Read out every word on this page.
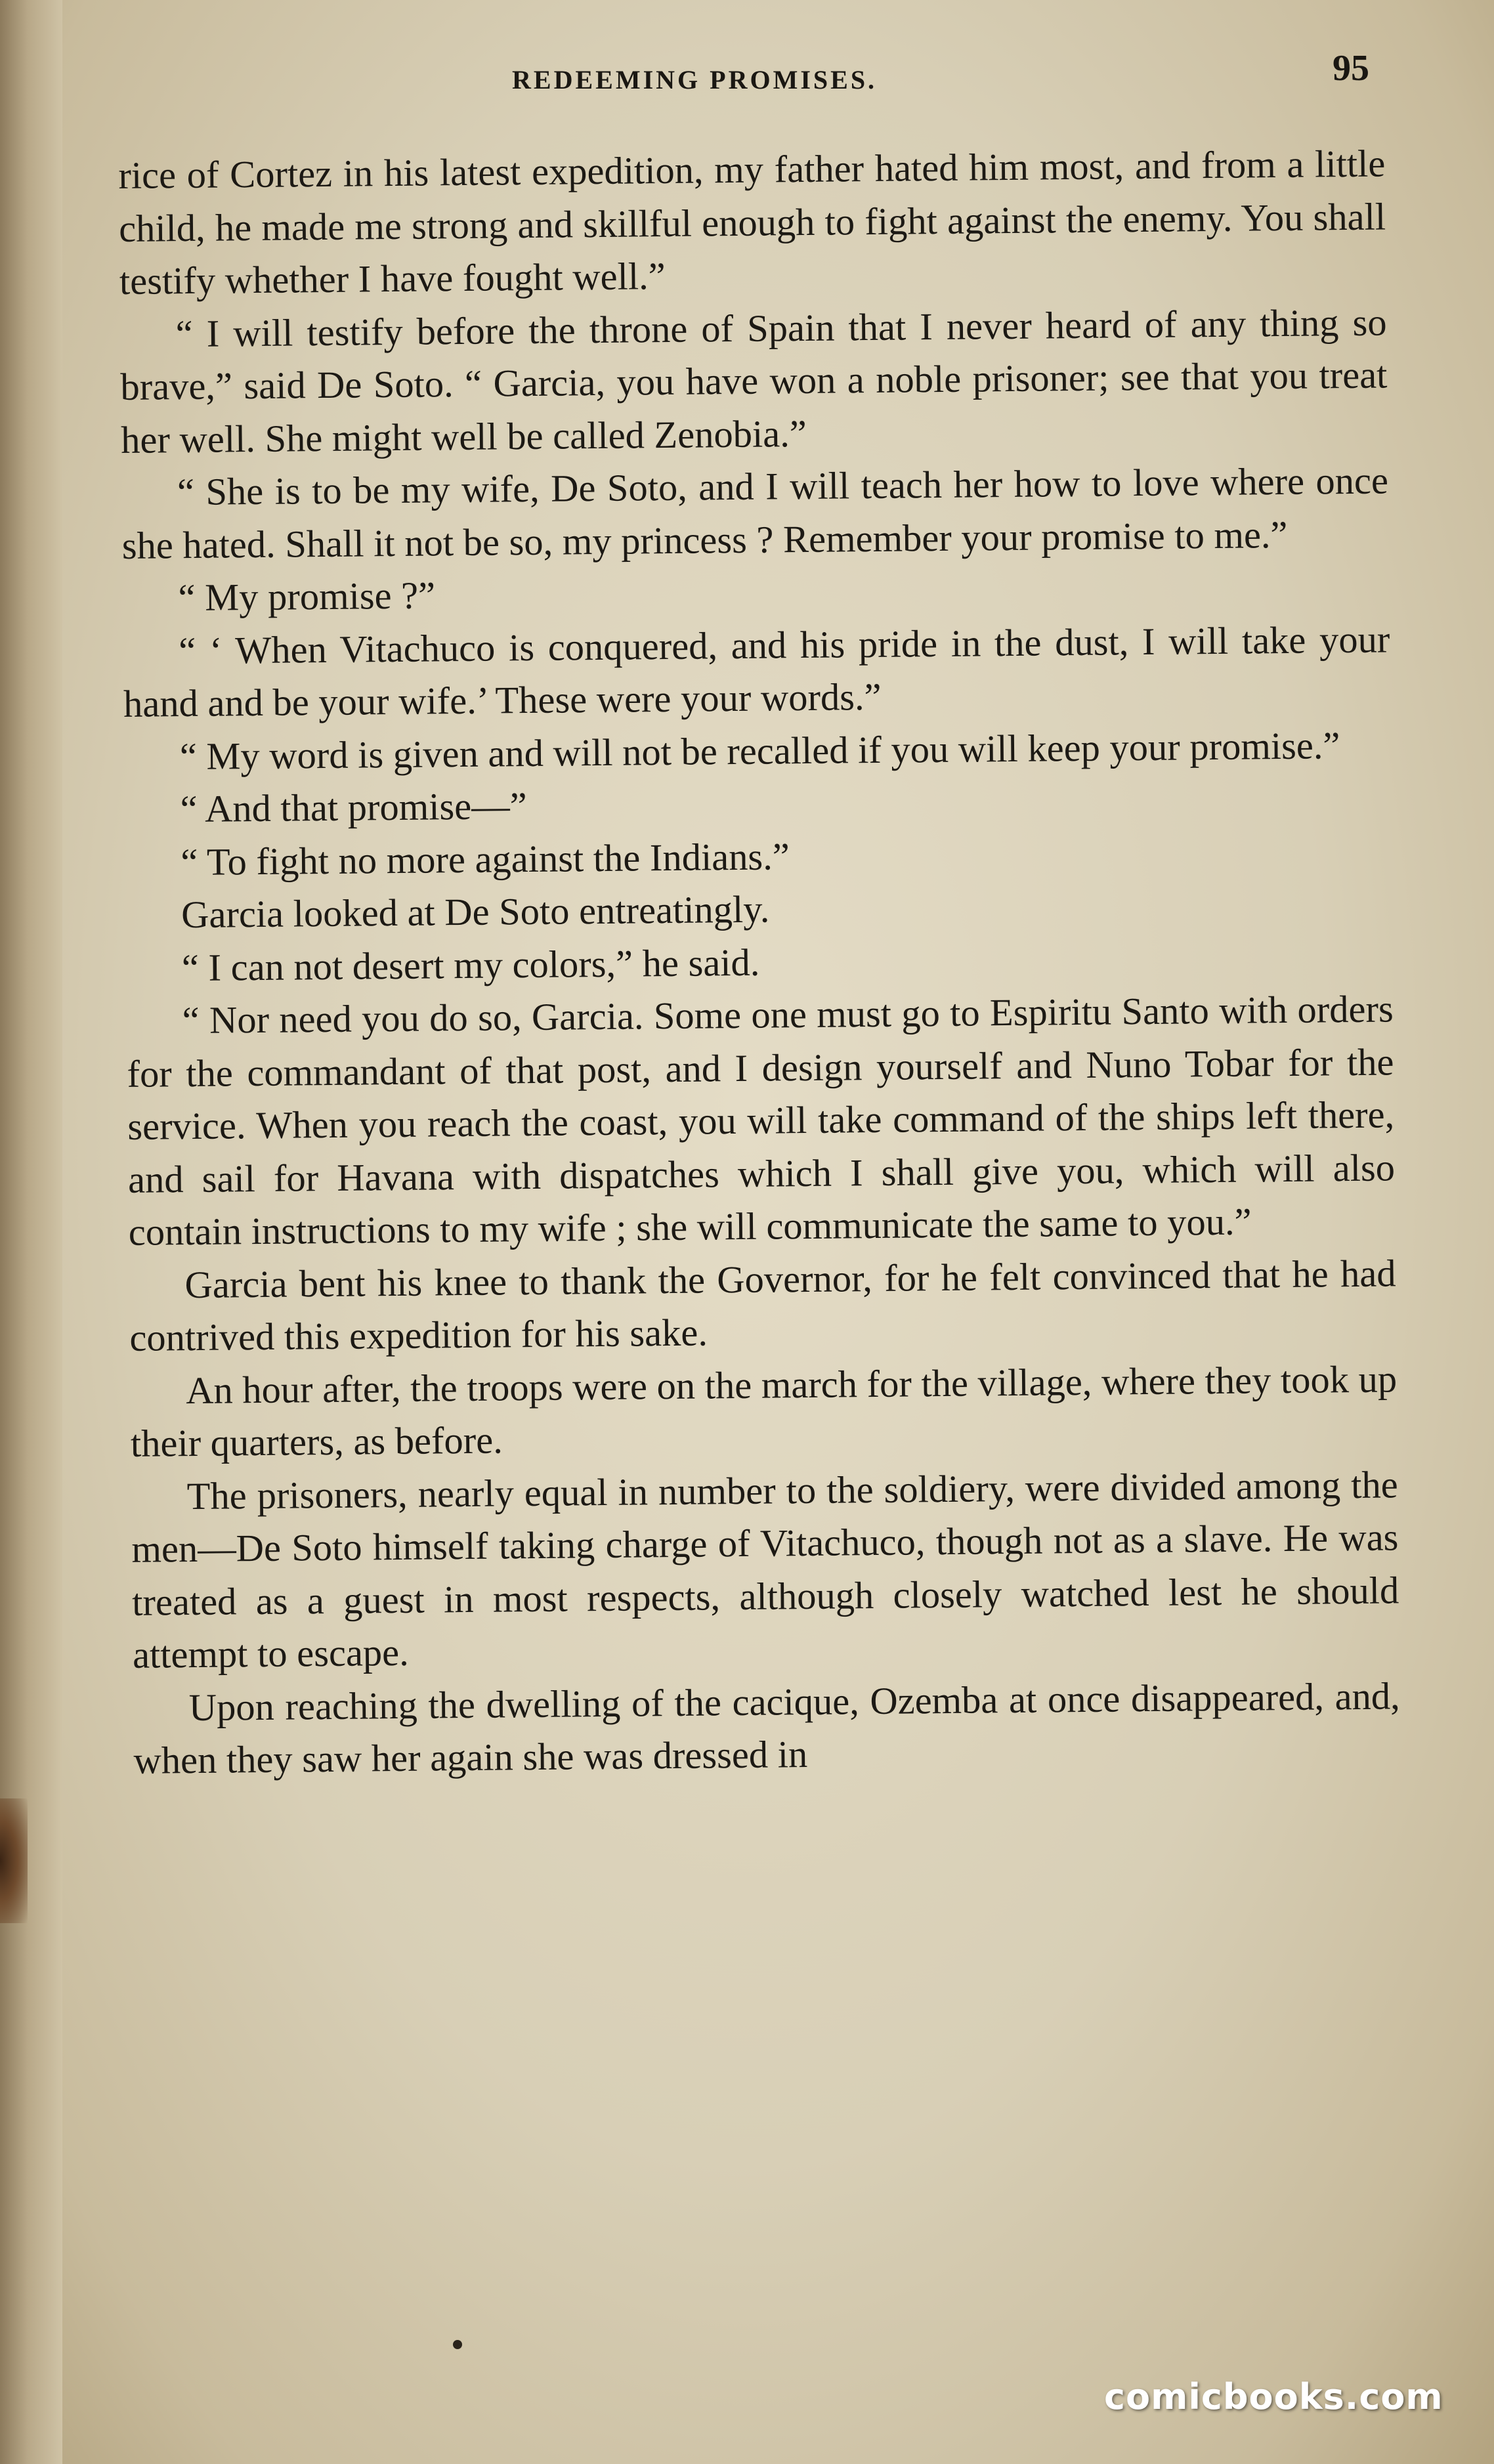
REDEEMING PROMISES.	95

rice of Cortez in his latest expedition, my father hated him most, and from a little child, he made me strong and skillful enough to fight against the enemy. You shall testify whether I have fought well.”

“ I will testify before the throne of Spain that I never heard of any thing so brave,” said De Soto. “ Garcia, you have won a noble prisoner; see that you treat her well. She might well be called Zenobia.”

“ She is to be my wife, De Soto, and I will teach her how to love where once she hated. Shall it not be so, my princess ? Remember your promise to me.”

“ My promise ?”

“ ‘ When Vitachuco is conquered, and his pride in the dust, I will take your hand and be your wife.’ These were your words.”

“ My word is given and will not be recalled if you will keep your promise.”

“ And that promise—”

“ To fight no more against the Indians.”

Garcia looked at De Soto entreatingly.

“ I can not desert my colors,” he said.

“ Nor need you do so, Garcia. Some one must go to Espiritu Santo with orders for the commandant of that post, and I design yourself and Nuno Tobar for the service. When you reach the coast, you will take command of the ships left there, and sail for Havana with dispatches which I shall give you, which will also contain instructions to my wife ; she will communicate the same to you.”

Garcia bent his knee to thank the Governor, for he felt convinced that he had contrived this expedition for his sake.

An hour after, the troops were on the march for the village, where they took up their quarters, as before.

The prisoners, nearly equal in number to the soldiery, were divided among the men—De Soto himself taking charge of Vitachuco, though not as a slave. He was treated as a guest in most respects, although closely watched lest he should attempt to escape.

Upon reaching the dwelling of the cacique, Ozemba at once disappeared, and, when they saw her again she was dressed in

comicbooks.com
